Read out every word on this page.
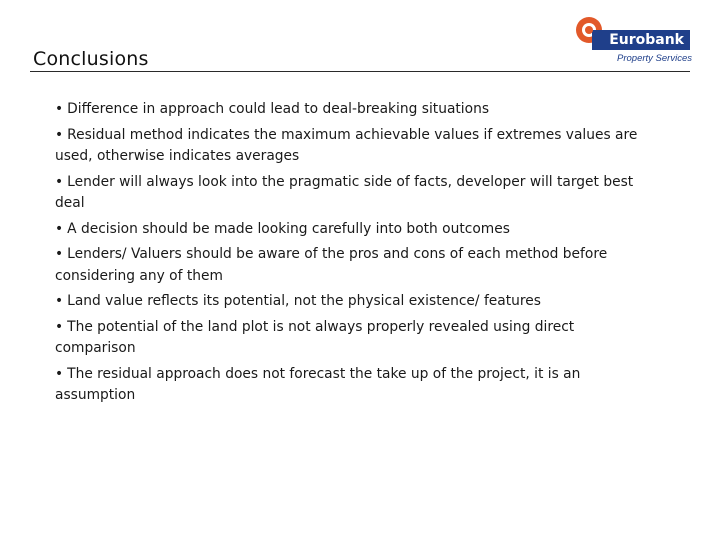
Conclusions
Eurobank
Property Services
• Difference in approach could lead to deal-breaking situations
• Residual method indicates the maximum achievable values if extremes values are used, otherwise indicates averages
• Lender will always look into the pragmatic side of facts, developer will target best deal
• A decision should be made looking carefully into both outcomes
• Lenders/ Valuers should be aware of the pros and cons of each method before considering any of them
• Land value reflects its potential, not the physical existence/ features
• The potential of the land plot is not always properly revealed using direct comparison
• The residual approach does not forecast the take up of the project, it is an assumption
